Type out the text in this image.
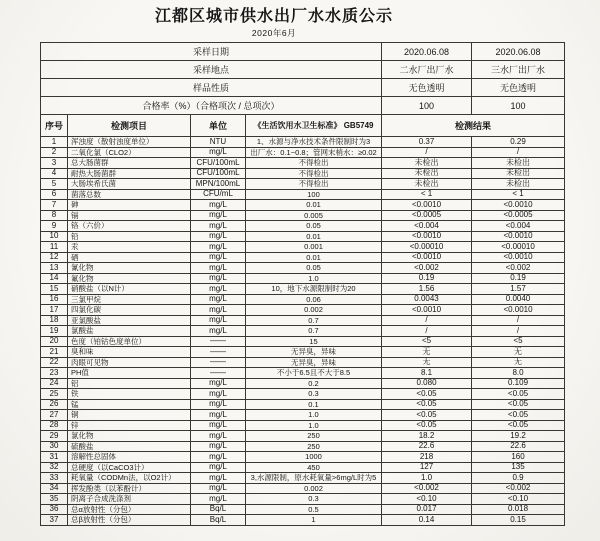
江都区城市供水出厂水水质公示
2020年6月
采样日期				2020.06.08	2020.06.08
采样地点				二水厂出厂水	三水厂出厂水
样品性质				无色透明	无色透明
合格率（%）（合格项次 / 总项次）				100	100
序号	检测项目	单位	《生活饮用水卫生标准》 GB5749	检测结果	
1	浑浊度（散射浊度单位）	NTU	1、水源与净水技术条件限制时为3	0.37	0.29
2	二氧化氯（CLO2）	mg/L	出厂水：0.1~0.8；管网末梢水：≥0.02	/	/
3	总大肠菌群	CFU/100mL	不得检出	未检出	未检出
4	耐热大肠菌群	CFU/100mL	不得检出	未检出	未检出
5	大肠埃希氏菌	MPN/100mL	不得检出	未检出	未检出
6	菌落总数	CFU/mL	100	< 1	< 1
7	砷	mg/L	0.01	<0.0010	<0.0010
8	镉	mg/L	0.005	<0.0005	<0.0005
9	铬（六价）	mg/L	0.05	<0.004	<0.004
10	铅	mg/L	0.01	<0.0010	<0.0010
11	汞	mg/L	0.001	<0.00010	<0.00010
12	硒	mg/L	0.01	<0.0010	<0.0010
13	氰化物	mg/L	0.05	<0.002	<0.002
14	氟化物	mg/L	1.0	0.19	0.19
15	硝酸盐（以N计）	mg/L	10，地下水源限制时为20	1.56	1.57
16	三氯甲烷	mg/L	0.06	0.0043	0.0040
17	四氯化碳	mg/L	0.002	<0.0010	<0.0010
18	亚氯酸盐	mg/L	0.7	/	/
19	氯酸盐	mg/L	0.7	/	/
20	色度（铂钴色度单位）	——	15	<5	<5
21	臭和味	——	无异臭，异味	无	无
22	肉眼可见物	——	无异臭，异味	无	无
23	PH值	——	不小于6.5且不大于8.5	8.1	8.0
24	铝	mg/L	0.2	0.080	0.109
25	铁	mg/L	0.3	<0.05	<0.05
26	锰	mg/L	0.1	<0.05	<0.05
27	铜	mg/L	1.0	<0.05	<0.05
28	锌	mg/L	1.0	<0.05	<0.05
29	氯化物	mg/L	250	18.2	19.2
30	硫酸盐	mg/L	250	22.6	22.6
31	溶解性总固体	mg/L	1000	218	160
32	总硬度（以CaCO3计）	mg/L	450	127	135
33	耗氧量（CODMn法，以O2计）	mg/L	3,水源限制，原水耗氧量>6mg/L时为5	1.0	0.9
34	挥发酚类（以苯酚计）	mg/L	0.002	<0.002	<0.002
35	阴离子合成洗涤剂	mg/L	0.3	<0.10	<0.10
36	总α放射性（分包）	Bq/L	0.5	0.017	0.018
37	总β放射性（分包）	Bq/L	1	0.14	0.15
